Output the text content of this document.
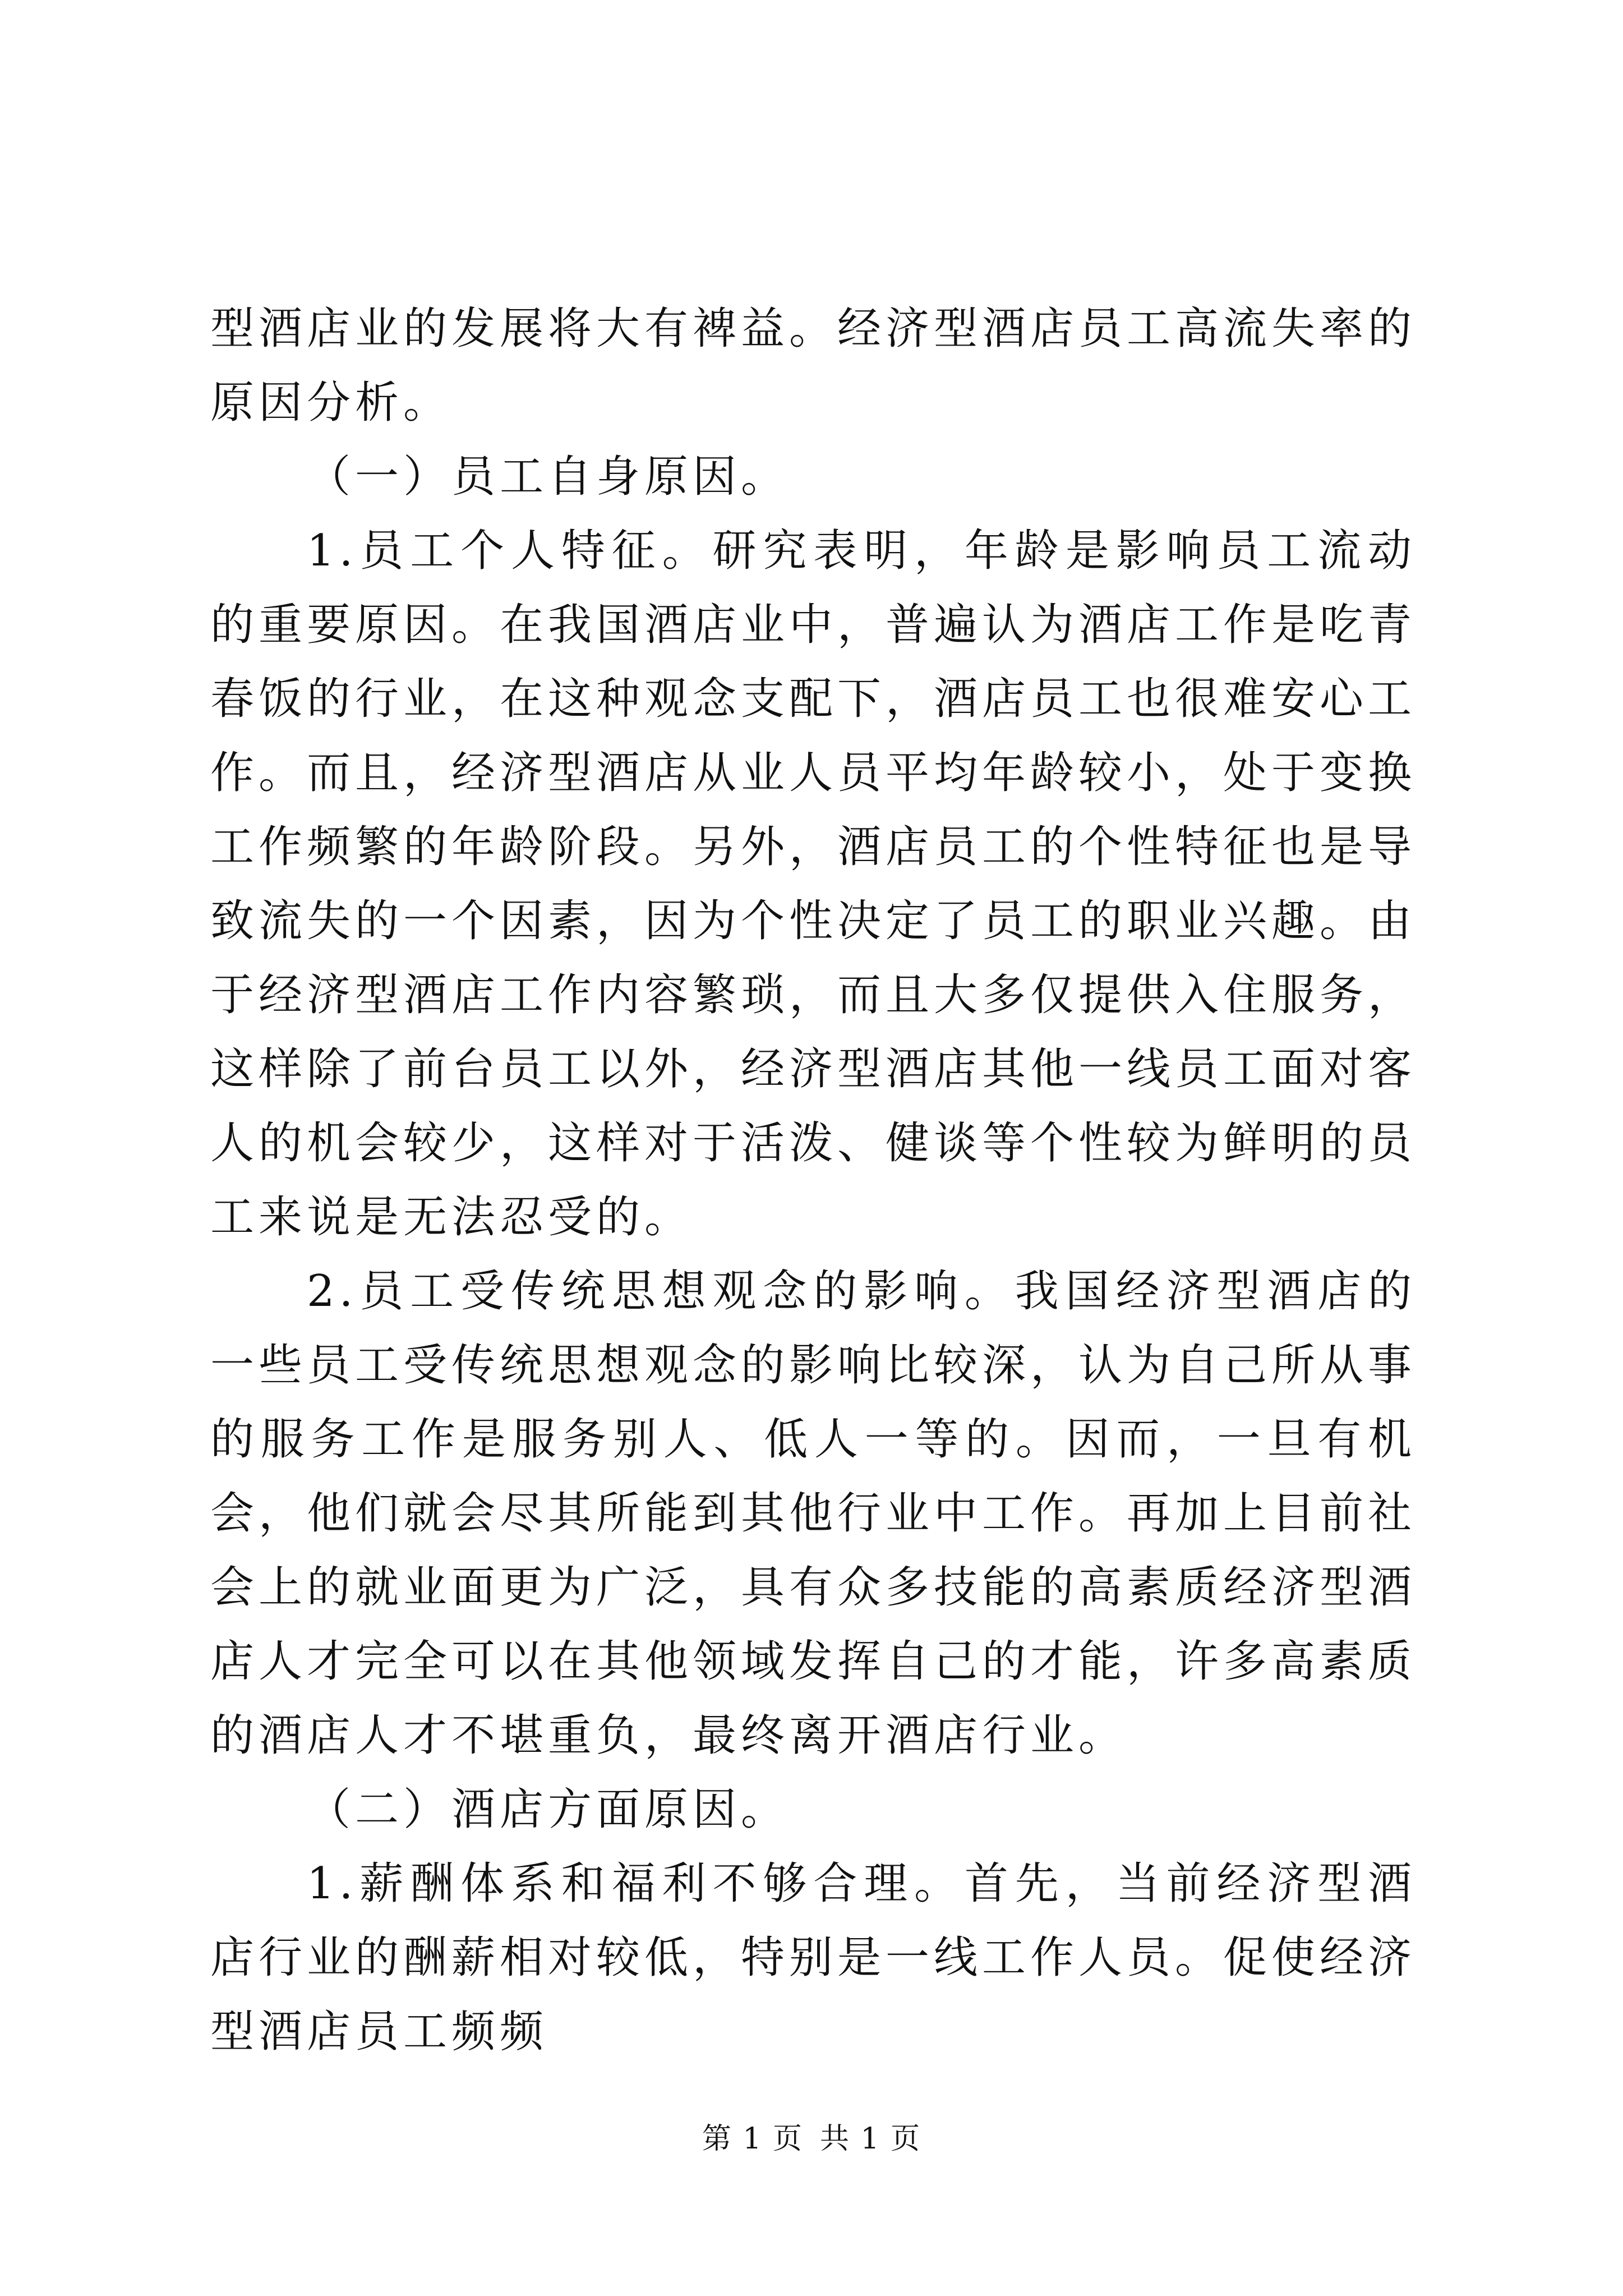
型酒店业的发展将大有裨益。经济型酒店员工高流失率的原因分析。

（一）员工自身原因。

1.员工个人特征。研究表明，年龄是影响员工流动的重要原因。在我国酒店业中，普遍认为酒店工作是吃青春饭的行业，在这种观念支配下，酒店员工也很难安心工作。而且，经济型酒店从业人员平均年龄较小，处于变换工作频繁的年龄阶段。另外，酒店员工的个性特征也是导致流失的一个因素，因为个性决定了员工的职业兴趣。由于经济型酒店工作内容繁琐，而且大多仅提供入住服务，这样除了前台员工以外，经济型酒店其他一线员工面对客人的机会较少，这样对于活泼、健谈等个性较为鲜明的员工来说是无法忍受的。

2.员工受传统思想观念的影响。我国经济型酒店的一些员工受传统思想观念的影响比较深，认为自己所从事的服务工作是服务别人、低人一等的。因而，一旦有机会，他们就会尽其所能到其他行业中工作。再加上目前社会上的就业面更为广泛，具有众多技能的高素质经济型酒店人才完全可以在其他领域发挥自己的才能，许多高素质的酒店人才不堪重负，最终离开酒店行业。

（二）酒店方面原因。

1.薪酬体系和福利不够合理。首先，当前经济型酒店行业的酬薪相对较低，特别是一线工作人员。促使经济型酒店员工频频

第 1 页 共 1 页
